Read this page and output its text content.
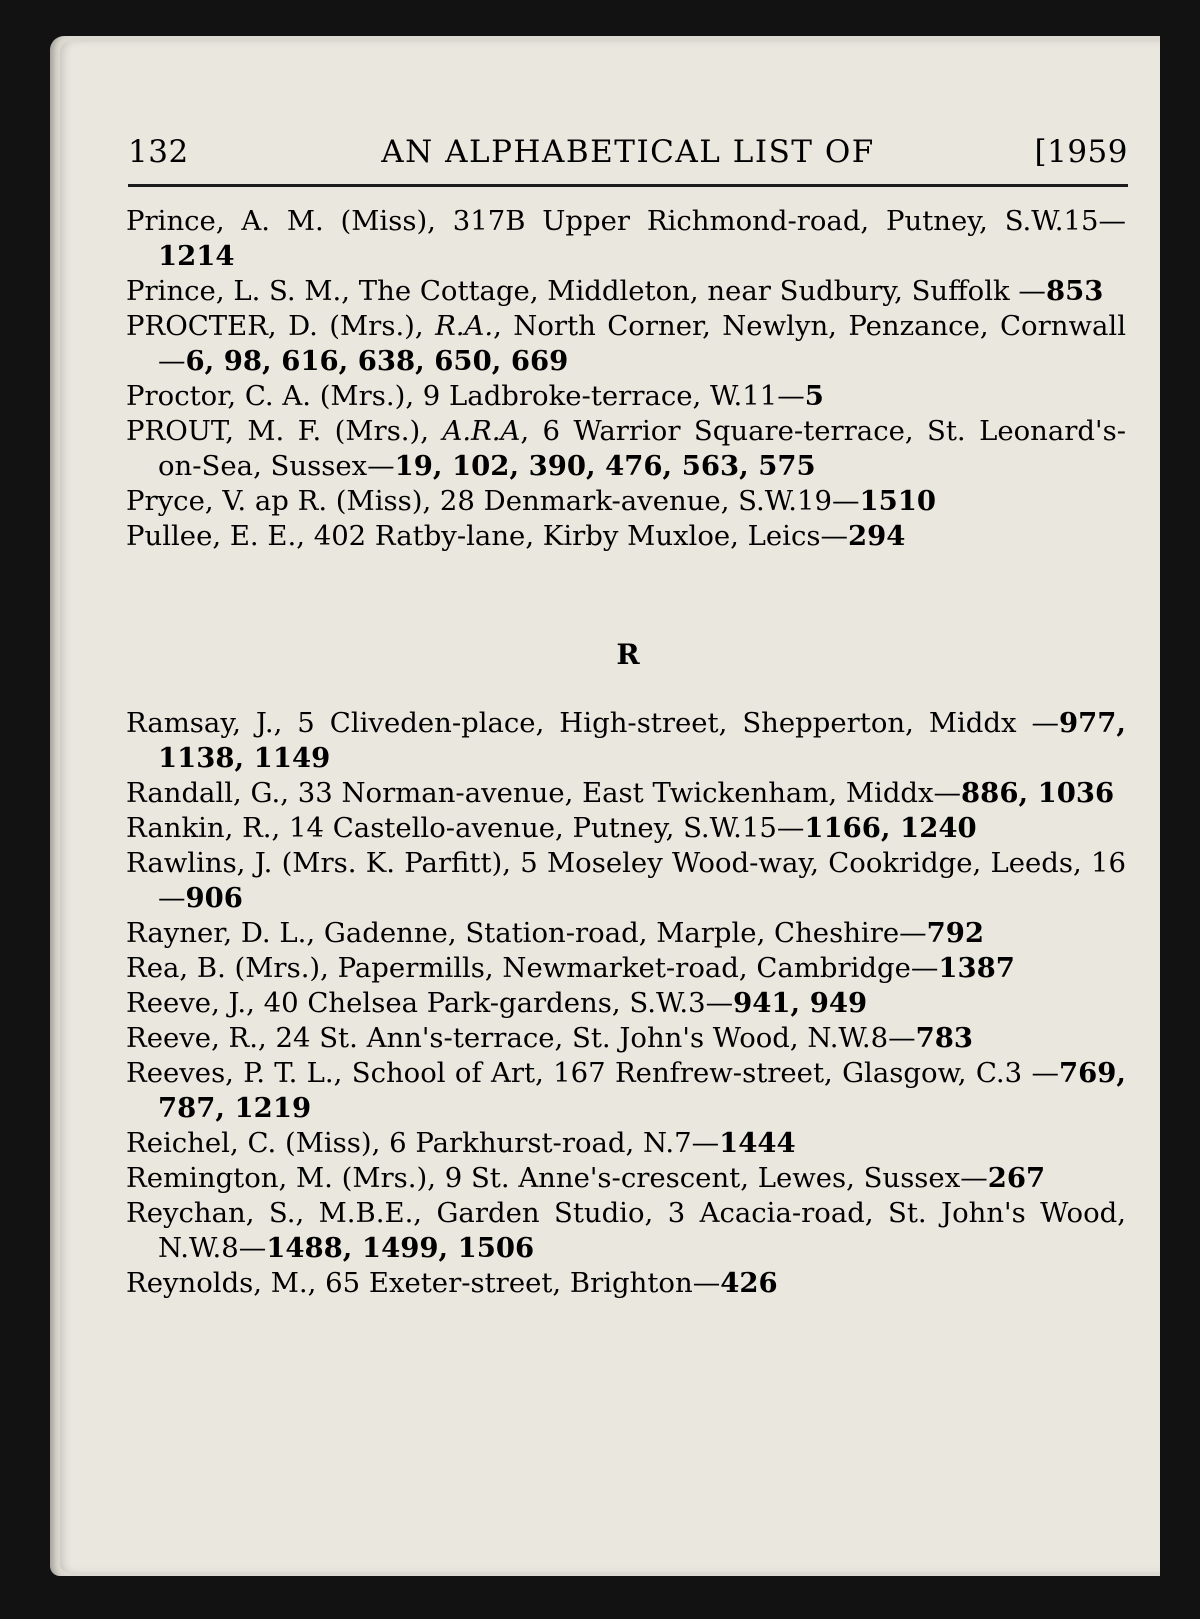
132	AN ALPHABETICAL LIST OF	[1959
Prince, A. M. (Miss), 317B Upper Richmond-road, Putney, S.W.15—1214
Prince, L. S. M., The Cottage, Middleton, near Sudbury, Suffolk —853
PROCTER, D. (Mrs.), R.A., North Corner, Newlyn, Penzance, Cornwall—6, 98, 616, 638, 650, 669
Proctor, C. A. (Mrs.), 9 Ladbroke-terrace, W.11—5
PROUT, M. F. (Mrs.), A.R.A, 6 Warrior Square-terrace, St. Leonard's-on-Sea, Sussex—19, 102, 390, 476, 563, 575
Pryce, V. ap R. (Miss), 28 Denmark-avenue, S.W.19—1510
Pullee, E. E., 402 Ratby-lane, Kirby Muxloe, Leics—294
R
Ramsay, J., 5 Cliveden-place, High-street, Shepperton, Middx —977, 1138, 1149
Randall, G., 33 Norman-avenue, East Twickenham, Middx—886, 1036
Rankin, R., 14 Castello-avenue, Putney, S.W.15—1166, 1240
Rawlins, J. (Mrs. K. Parfitt), 5 Moseley Wood-way, Cookridge, Leeds, 16—906
Rayner, D. L., Gadenne, Station-road, Marple, Cheshire—792
Rea, B. (Mrs.), Papermills, Newmarket-road, Cambridge—1387
Reeve, J., 40 Chelsea Park-gardens, S.W.3—941, 949
Reeve, R., 24 St. Ann's-terrace, St. John's Wood, N.W.8—783
Reeves, P. T. L., School of Art, 167 Renfrew-street, Glasgow, C.3 —769, 787, 1219
Reichel, C. (Miss), 6 Parkhurst-road, N.7—1444
Remington, M. (Mrs.), 9 St. Anne's-crescent, Lewes, Sussex—267
Reychan, S., M.B.E., Garden Studio, 3 Acacia-road, St. John's Wood, N.W.8—1488, 1499, 1506
Reynolds, M., 65 Exeter-street, Brighton—426
